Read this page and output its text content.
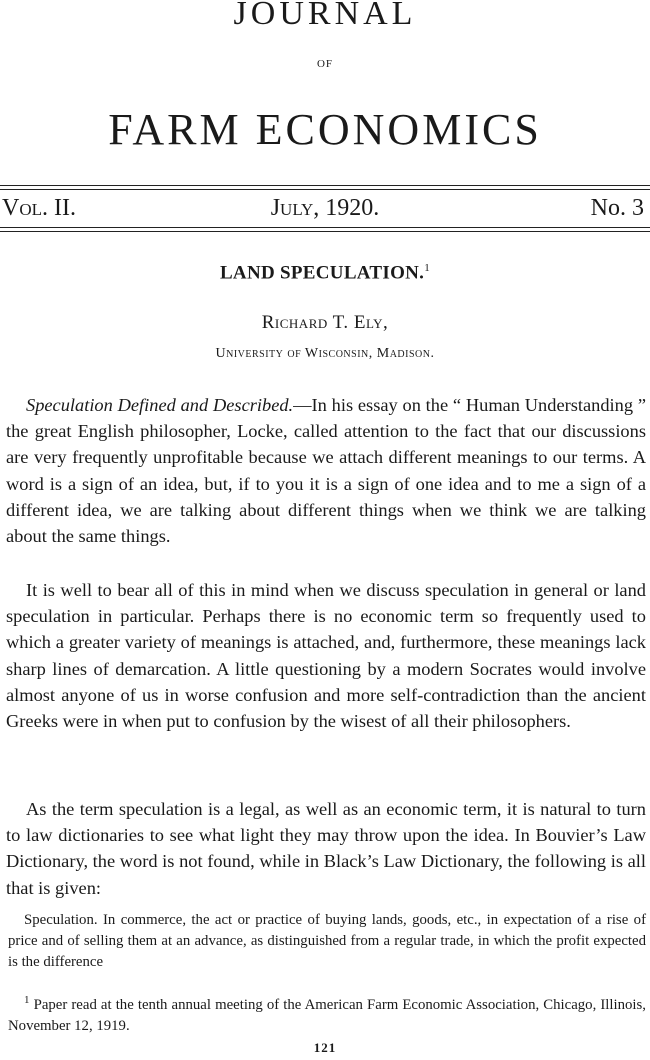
JOURNAL
OF
FARM ECONOMICS
Vol. II.	July, 1920.	No. 3
LAND SPECULATION.$^1$
Richard T. Ely,
University of Wisconsin, Madison.
Speculation Defined and Described.—In his essay on the “ Human Understanding ” the great English philosopher, Locke, called attention to the fact that our discussions are very frequently unprofitable because we attach different meanings to our terms. A word is a sign of an idea, but, if to you it is a sign of one idea and to me a sign of a different idea, we are talking about different things when we think we are talking about the same things.
It is well to bear all of this in mind when we discuss speculation in general or land speculation in particular. Perhaps there is no economic term so frequently used to which a greater variety of meanings is attached, and, furthermore, these meanings lack sharp lines of demarcation. A little questioning by a modern Socrates would involve almost anyone of us in worse confusion and more self-contradiction than the ancient Greeks were in when put to confusion by the wisest of all their philosophers.
As the term speculation is a legal, as well as an economic term, it is natural to turn to law dictionaries to see what light they may throw upon the idea. In Bouvier’s Law Dictionary, the word is not found, while in Black’s Law Dictionary, the following is all that is given:
Speculation. In commerce, the act or practice of buying lands, goods, etc., in expectation of a rise of price and of selling them at an advance, as distinguished from a regular trade, in which the profit expected is the difference
$^1$ Paper read at the tenth annual meeting of the American Farm Economic Association, Chicago, Illinois, November 12, 1919.
121
